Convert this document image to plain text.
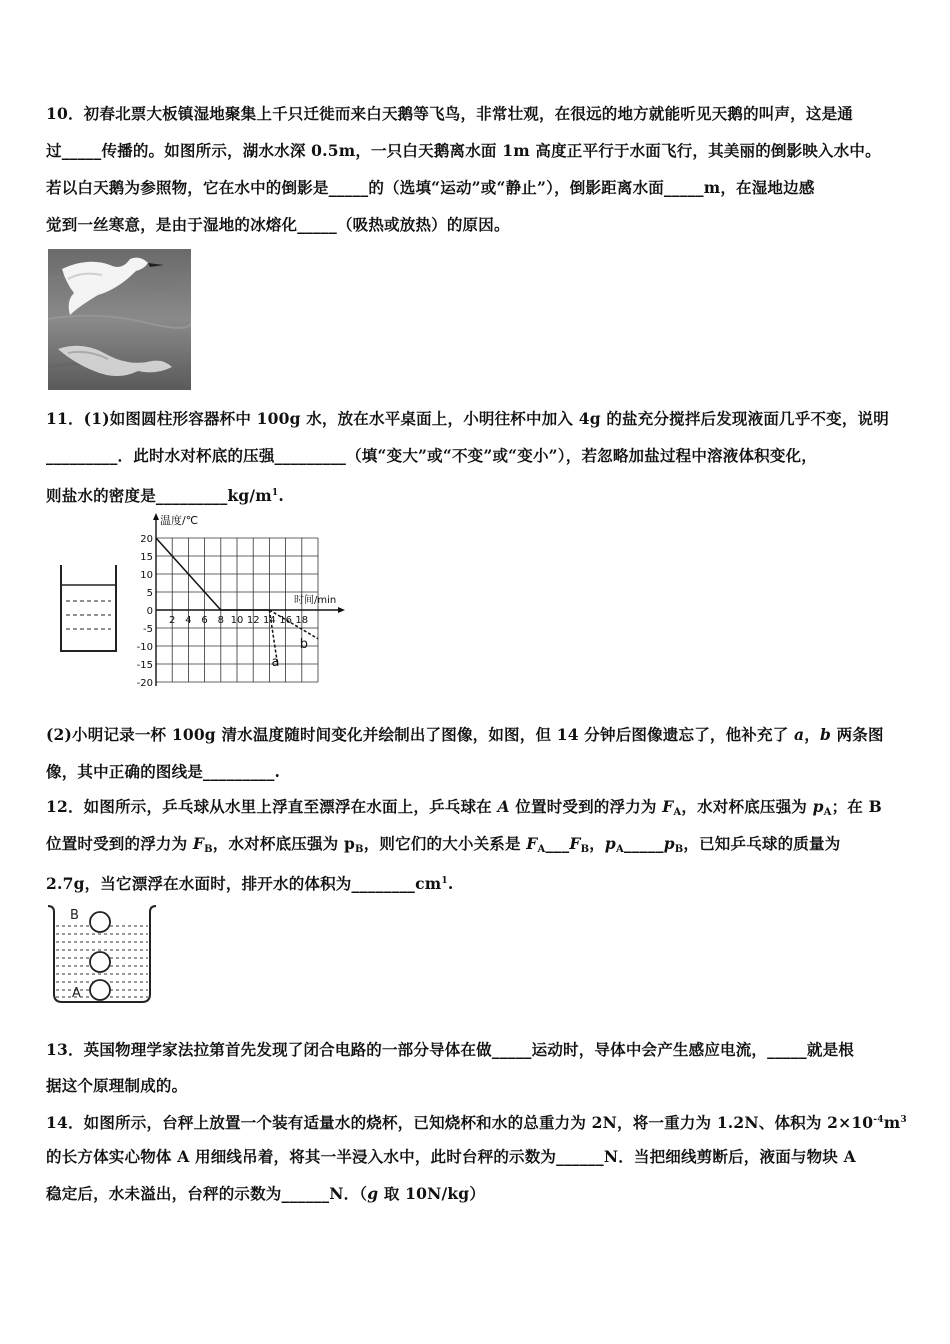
10．初春北票大板镇湿地聚集上千只迁徙而来白天鹅等飞鸟，非常壮观，在很远的地方就能听见天鹅的叫声，这是通
过_____传播的。如图所示，湖水水深 0.5m，一只白天鹅离水面 1m 高度正平行于水面飞行，其美丽的倒影映入水中。
若以白天鹅为参照物，它在水中的倒影是_____的（选填“运动”或“静止”），倒影距离水面_____m，在湿地边感
觉到一丝寒意，是由于湿地的冰熔化_____（吸热或放热）的原因。
11．(1)如图圆柱形容器杯中 100g 水，放在水平桌面上，小明往杯中加入 4g 的盐充分搅拌后发现液面几乎不变，说明
_________．此时水对杯底的压强_________（填“变大”或“不变”或“变小”），若忽略加盐过程中溶液体积变化，
则盐水的密度是$\_\_\_\_\_\_\_\_\_kg/m^1$.
温度/℃
时间/min
20
15
10
5
0
-5
-10
-15
-20
2 4 6 8 10 12 14 16 18
a
b
(2)小明记录一杯 100g 清水温度随时间变化并绘制出了图像，如图，但 14 分钟后图像遗忘了，他补充了 a，b 两条图
像，其中正确的图线是_________.
12．如图所示，乒乓球从水里上浮直至漂浮在水面上，乒乓球在 A 位置时受到的浮力为 $F_A$，水对杯底压强为 $p_A$；在 B
位置时受到的浮力为 $F_B$，水对杯底压强为 $p_B$，则它们的大小关系是 $F_A\_\_\_F_B$，$p_A\_\_\_\_\_p_B$，已知乒乓球的质量为
2.7g，当它漂浮在水面时，排开水的体积为$\_\_\_\_\_\_\_\_cm^1$.
B
A
13．英国物理学家法拉第首先发现了闭合电路的一部分导体在做_____运动时，导体中会产生感应电流，_____就是根
据这个原理制成的。
14．如图所示，台秤上放置一个装有适量水的烧杯，已知烧杯和水的总重力为 2N，将一重力为 1.2N、体积为 $2\times 10^{-4}m^3$
的长方体实心物体 A 用细线吊着，将其一半浸入水中，此时台秤的示数为______N．当把细线剪断后，液面与物块 A
稳定后，水未溢出，台秤的示数为______N．（g 取 10N/kg）
